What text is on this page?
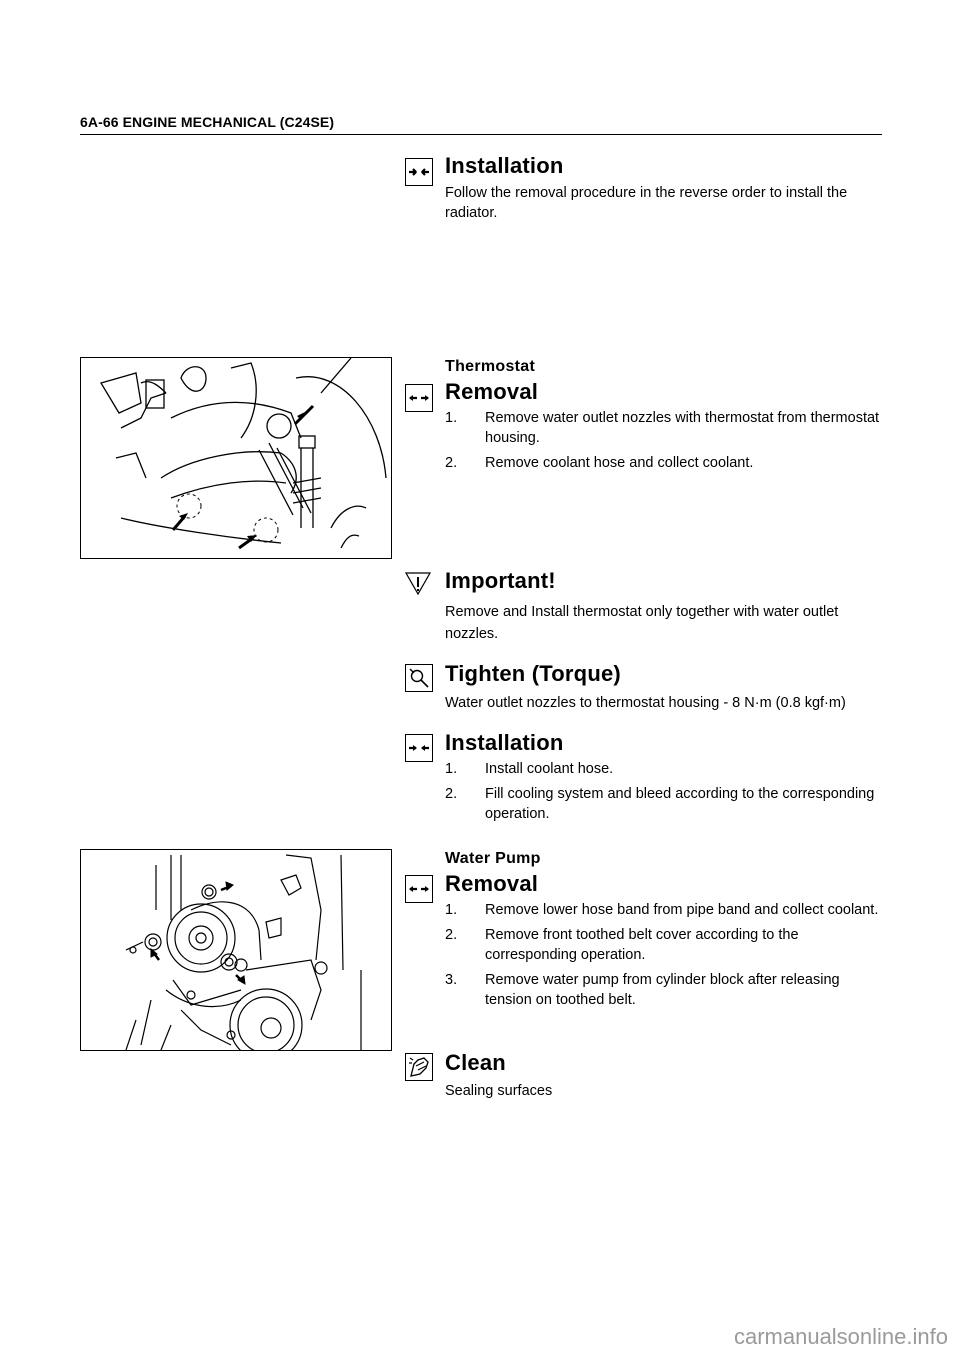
6A-66 ENGINE MECHANICAL (C24SE)
Installation
Follow the removal procedure in the reverse order to install the radiator.
Thermostat
Removal
1. Remove water outlet nozzles with thermostat from thermostat housing.
2. Remove coolant hose and collect coolant.
Important!
Remove and Install thermostat only together with water outlet nozzles.
Tighten (Torque)
Water outlet nozzles to thermostat housing - 8 N·m (0.8 kgf·m)
Installation
1. Install coolant hose.
2. Fill cooling system and bleed according to the corresponding operation.
Water Pump
Removal
1. Remove lower hose band from pipe band and collect coolant.
2. Remove front toothed belt cover according to the corresponding operation.
3. Remove water pump from cylinder block after releasing tension on toothed belt.
Clean
Sealing surfaces
carmanualsonline.info
